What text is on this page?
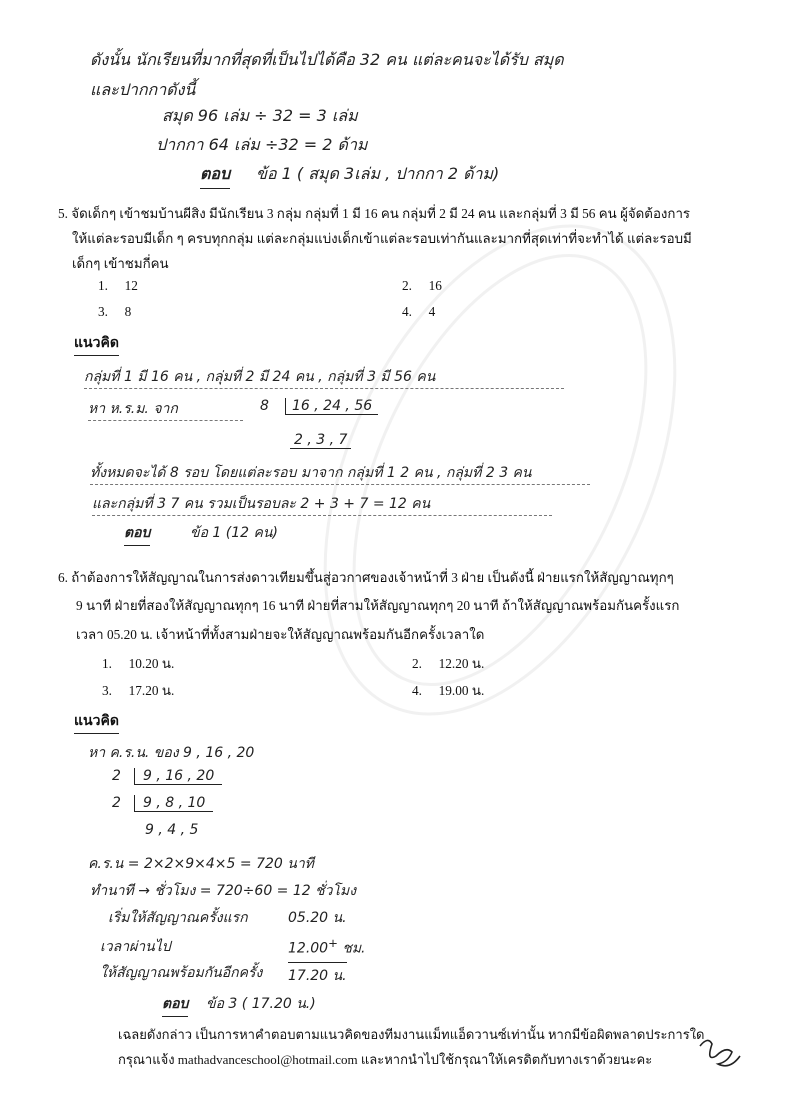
ดังนั้น นักเรียนที่มากที่สุดที่เป็นไปได้คือ 32 คน แต่ละคนจะได้รับ สมุด
และปากกาดังนี้
สมุด 96 เล่ม ÷ 32 = 3 เล่ม
ปากกา 64 เล่ม ÷32 = 2 ด้าม
ตอบ ข้อ 1 ( สมุด 3เล่ม , ปากกา 2 ด้าม)
5. จัดเด็กๆ เข้าชมบ้านผีสิง มีนักเรียน 3 กลุ่ม กลุ่มที่ 1 มี 16 คน กลุ่มที่ 2 มี 24 คน และกลุ่มที่ 3 มี 56 คน ผู้จัดต้องการ
ให้แต่ละรอบมีเด็ก ๆ ครบทุกกลุ่ม แต่ละกลุ่มแบ่งเด็กเข้าแต่ละรอบเท่ากันและมากที่สุดเท่าที่จะทำได้ แต่ละรอบมี
เด็กๆ เข้าชมกี่คน
1. 12	2. 16
3. 8	4. 4
แนวคิด
กลุ่มที่ 1 มี 16 คน , กลุ่มที่ 2 มี 24 คน , กลุ่มที่ 3 มี 56 คน
หา ห.ร.ม. จาก	8	16 , 24 , 56
2 , 3 , 7
ทั้งหมดจะได้ 8 รอบ โดยแต่ละรอบ มาจาก กลุ่มที่ 1 2 คน , กลุ่มที่ 2 3 คน
และกลุ่มที่ 3 7 คน รวมเป็นรอบละ 2 + 3 + 7 = 12 คน
ตอบ	ข้อ 1 (12 คน)
6. ถ้าต้องการให้สัญญาณในการส่งดาวเทียมขึ้นสู่อวกาศของเจ้าหน้าที่ 3 ฝ่าย เป็นดังนี้ ฝ่ายแรกให้สัญญาณทุกๆ
9 นาที ฝ่ายที่สองให้สัญญาณทุกๆ 16 นาที ฝ่ายที่สามให้สัญญาณทุกๆ 20 นาที ถ้าให้สัญญาณพร้อมกันครั้งแรก
เวลา 05.20 น. เจ้าหน้าที่ทั้งสามฝ่ายจะให้สัญญาณพร้อมกันอีกครั้งเวลาใด
1. 10.20 น.	2. 12.20 น.
3. 17.20 น.	4. 19.00 น.
แนวคิด
หา ค.ร.น. ของ 9 , 16 , 20
2	9 , 16 , 20
2	9 , 8 , 10
9 , 4 , 5
ค.ร.น = 2×2×9×4×5 = 720 นาที
ทำนาที → ชั่วโมง = 720÷60 = 12 ชั่วโมง
เริ่มให้สัญญาณครั้งแรก	05.20 น.
เวลาผ่านไป	12.00+ ชม.
ให้สัญญาณพร้อมกันอีกครั้ง 17.20 น.
ตอบ ข้อ 3 ( 17.20 น.)
เฉลยดังกล่าว เป็นการหาคำตอบตามแนวคิดของทีมงานแม็ทแอ็ดวานซ์เท่านั้น หากมีข้อผิดพลาดประการใด
กรุณาแจ้ง mathadvanceschool@hotmail.com และหากนำไปใช้กรุณาให้เครดิตกับทางเราด้วยนะคะ
